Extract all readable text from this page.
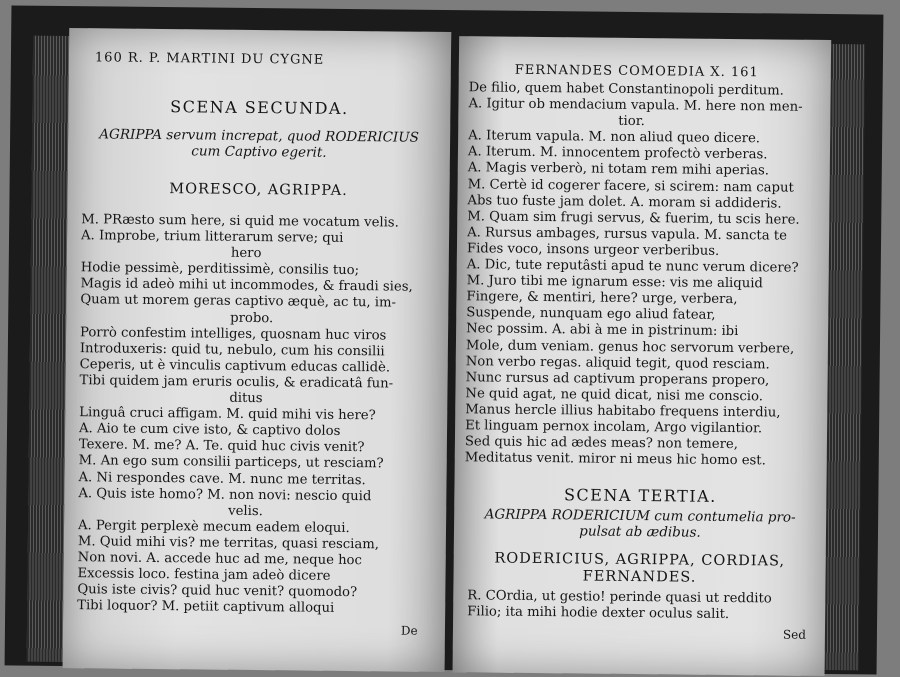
160 R. P. MARTINI DU CYGNE
SCENA SECUNDA.
AGRIPPA servum increpat, quod RODERICIUS
cum Captivo egerit.
MORESCO, AGRIPPA.
M. PRæsto sum here, si quid me vocatum velis.
A. Improbe, trium litterarum serve; qui
hero
Hodie pessimè, perditissimè, consilis tuo;
Magis id adeò mihi ut incommodes, & fraudi sies,
Quam ut morem geras captivo æquè, ac tu, im-
probo.
Porrò confestim intelliges, quosnam huc viros
Introduxeris: quid tu, nebulo, cum his consilii
Ceperis, ut è vinculis captivum educas callidè.
Tibi quidem jam eruris oculis, & eradicatâ fun-
ditus
Linguâ cruci affigam. M. quid mihi vis here?
A. Aio te cum cive isto, & captivo dolos
Texere. M. me? A. Te. quid huc civis venit?
M. An ego sum consilii particeps, ut resciam?
A. Ni respondes cave. M. nunc me territas.
A. Quis iste homo? M. non novi: nescio quid
velis.
A. Pergit perplexè mecum eadem eloqui.
M. Quid mihi vis? me territas, quasi resciam,
Non novi. A. accede huc ad me, neque hoc
Excessis loco. festina jam adeò dicere
Quis iste civis? quid huc venit? quomodo?
Tibi loquor? M. petiit captivum alloqui
De
FERNANDES COMOEDIA X. 161
De filio, quem habet Constantinopoli perditum.
A. Igitur ob mendacium vapula. M. here non men-
tior.
A. Iterum vapula. M. non aliud queo dicere.
A. Iterum. M. innocentem profectò verberas.
A. Magis verberò, ni totam rem mihi aperias.
M. Certè id cogerer facere, si scirem: nam caput
Abs tuo fuste jam dolet. A. moram si addideris.
M. Quam sim frugi servus, & fuerim, tu scis here.
A. Rursus ambages, rursus vapula. M. sancta te
Fides voco, insons urgeor verberibus.
A. Dic, tute reputâsti apud te nunc verum dicere?
M. Juro tibi me ignarum esse: vis me aliquid
Fingere, & mentiri, here? urge, verbera,
Suspende, nunquam ego aliud fatear,
Nec possim. A. abi à me in pistrinum: ibi
Mole, dum veniam. genus hoc servorum verbere,
Non verbo regas. aliquid tegit, quod resciam.
Nunc rursus ad captivum properans propero,
Ne quid agat, ne quid dicat, nisi me conscio.
Manus hercle illius habitabo frequens interdiu,
Et linguam pernox incolam, Argo vigilantior.
Sed quis hic ad ædes meas? non temere,
Meditatus venit. miror ni meus hic homo est.
SCENA TERTIA.
AGRIPPA RODERICIUM cum contumelia pro-
pulsat ab ædibus.
RODERICIUS, AGRIPPA, CORDIAS,
FERNANDES.
R. COrdia, ut gestio! perinde quasi ut reddito
Filio; ita mihi hodie dexter oculus salit.
Sed
